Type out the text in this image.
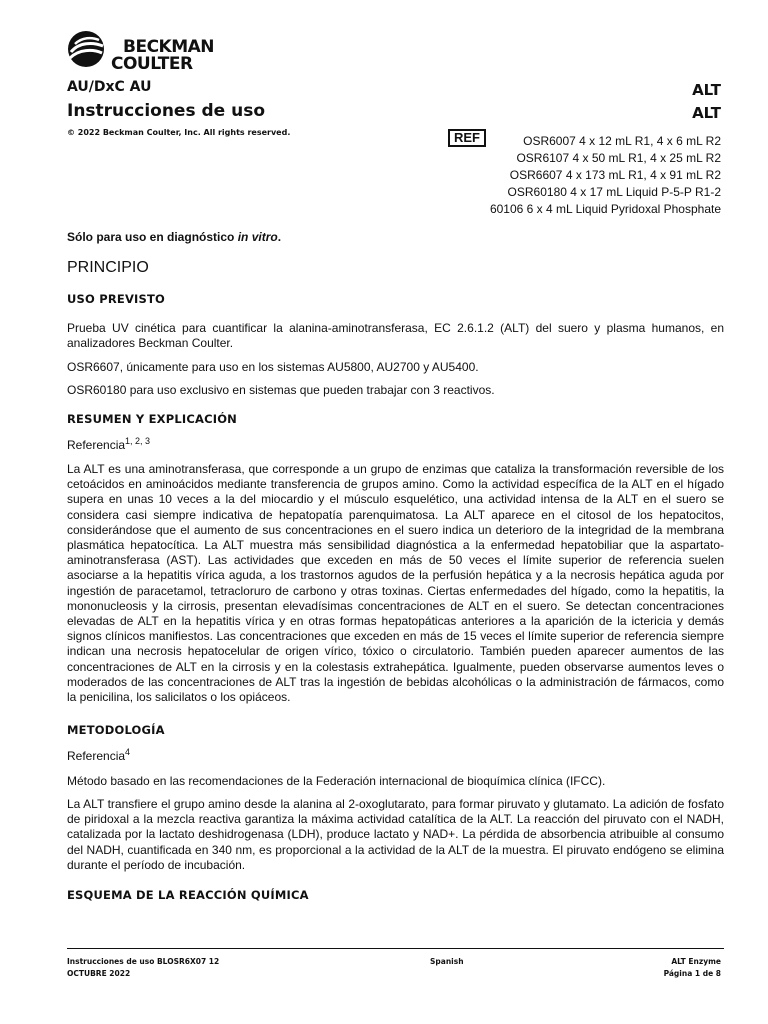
BECKMAN
COULTER
AU/DxC AU
Instrucciones de uso
© 2022 Beckman Coulter, Inc. All rights reserved.
ALT
ALT
REF	OSR6007 4 x 12 mL R1, 4 x 6 mL R2
OSR6107 4 x 50 mL R1, 4 x 25 mL R2
OSR6607 4 x 173 mL R1, 4 x 91 mL R2
OSR60180 4 x 17 mL Liquid P-5-P R1-2
60106 6 x 4 mL Liquid Pyridoxal Phosphate
Sólo para uso en diagnóstico in vitro.
PRINCIPIO
USO PREVISTO
Prueba UV cinética para cuantificar la alanina-aminotransferasa, EC 2.6.1.2 (ALT) del suero y plasma humanos, en analizadores Beckman Coulter.
OSR6607, únicamente para uso en los sistemas AU5800, AU2700 y AU5400.
OSR60180 para uso exclusivo en sistemas que pueden trabajar con 3 reactivos.
RESUMEN Y EXPLICACIÓN
Referencia$^{1, 2, 3}$
La ALT es una aminotransferasa, que corresponde a un grupo de enzimas que cataliza la transformación reversible de los cetoácidos en aminoácidos mediante transferencia de grupos amino. Como la actividad específica de la ALT en el hígado supera en unas 10 veces a la del miocardio y el músculo esquelético, una actividad intensa de la ALT en el suero se considera casi siempre indicativa de hepatopatía parenquimatosa. La ALT aparece en el citosol de los hepatocitos, considerándose que el aumento de sus concentraciones en el suero indica un deterioro de la integridad de la membrana plasmática hepatocítica. La ALT muestra más sensibilidad diagnóstica a la enfermedad hepatobiliar que la aspartato-aminotransferasa (AST). Las actividades que exceden en más de 50 veces el límite superior de referencia suelen asociarse a la hepatitis vírica aguda, a los trastornos agudos de la perfusión hepática y a la necrosis hepática aguda por ingestión de paracetamol, tetracloruro de carbono y otras toxinas. Ciertas enfermedades del hígado, como la hepatitis, la mononucleosis y la cirrosis, presentan elevadísimas concentraciones de ALT en el suero. Se detectan concentraciones elevadas de ALT en la hepatitis vírica y en otras formas hepatopáticas anteriores a la aparición de la ictericia y demás signos clínicos manifiestos. Las concentraciones que exceden en más de 15 veces el límite superior de referencia siempre indican una necrosis hepatocelular de origen vírico, tóxico o circulatorio. También pueden aparecer aumentos de las concentraciones de ALT en la cirrosis y en la colestasis extrahepática. Igualmente, pueden observarse aumentos leves o moderados de las concentraciones de ALT tras la ingestión de bebidas alcohólicas o la administración de fármacos, como la penicilina, los salicilatos o los opiáceos.
METODOLOGÍA
Referencia$^4$
Método basado en las recomendaciones de la Federación internacional de bioquímica clínica (IFCC).
La ALT transfiere el grupo amino desde la alanina al 2-oxoglutarato, para formar piruvato y glutamato. La adición de fosfato de piridoxal a la mezcla reactiva garantiza la máxima actividad catalítica de la ALT. La reacción del piruvato con el NADH, catalizada por la lactato deshidrogenasa (LDH), produce lactato y NAD+. La pérdida de absorbencia atribuible al consumo del NADH, cuantificada en 340 nm, es proporcional a la actividad de la ALT de la muestra. El piruvato endógeno se elimina durante el período de incubación.
ESQUEMA DE LA REACCIÓN QUÍMICA
Instrucciones de uso BLOSR6X07 12
OCTUBRE 2022
Spanish	ALT Enzyme
Página 1 de 8
